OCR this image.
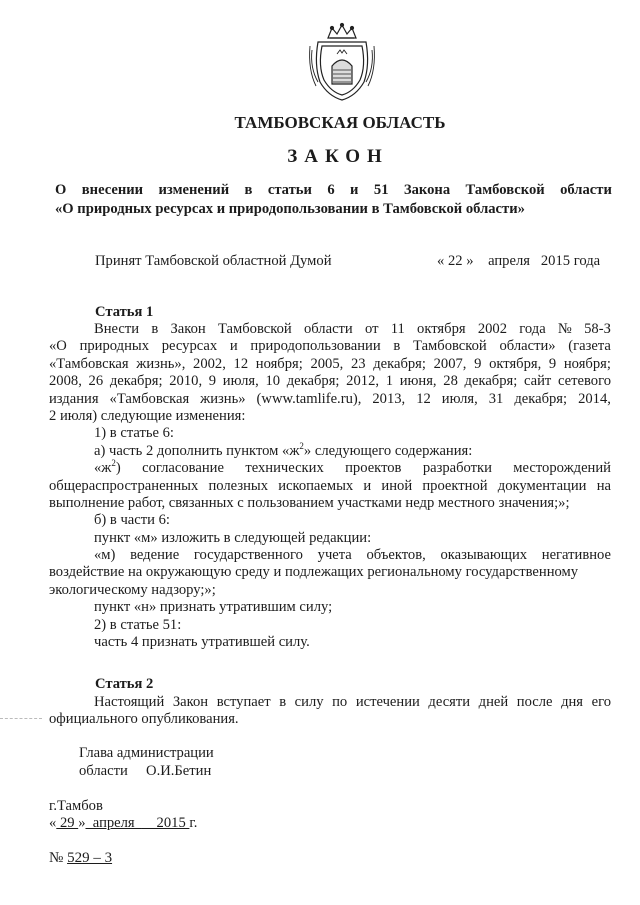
ТАМБОВСКАЯ ОБЛАСТЬ
ЗАКОН
О внесении изменений в статьи 6 и 51 Закона Тамбовской области
«О природных ресурсах и природопользовании в Тамбовской области»
Принят Тамбовской областной Думой	« 22 »    апреля   2015 года
Статья 1
Внести в Закон Тамбовской области от 11 октября 2002 года № 58-З
«О природных ресурсах и природопользовании в Тамбовской области» (газета
«Тамбовская жизнь», 2002, 12 ноября; 2005, 23 декабря; 2007, 9 октября, 9 ноября;
2008, 26 декабря; 2010, 9 июля, 10 декабря; 2012, 1 июня, 28 декабря; сайт сетевого
издания «Тамбовская жизнь» (www.tamlife.ru), 2013, 12 июля, 31 декабря; 2014,
2 июля) следующие изменения:
1) в статье 6:
а) часть 2 дополнить пунктом «$ж^2$» следующего содержания:
«$ж^2$) согласование технических проектов разработки месторождений
общераспространенных полезных ископаемых и иной проектной документации на
выполнение работ, связанных с пользованием участками недр местного значения;»;
б) в части 6:
пункт «м» изложить в следующей редакции:
«м) ведение государственного учета объектов, оказывающих негативное
воздействие на окружающую среду и подлежащих региональному государственному
экологическому надзору;»;
пункт «н» признать утратившим силу;
2) в статье 51:
часть 4 признать утратившей силу.
Статья 2
Настоящий Закон вступает в силу по истечении десяти дней после дня его
официального опубликования.
Глава администрации
области     О.И.Бетин
г.Тамбов
« 29 »  апреля      2015 г.
№ 529 – 3
